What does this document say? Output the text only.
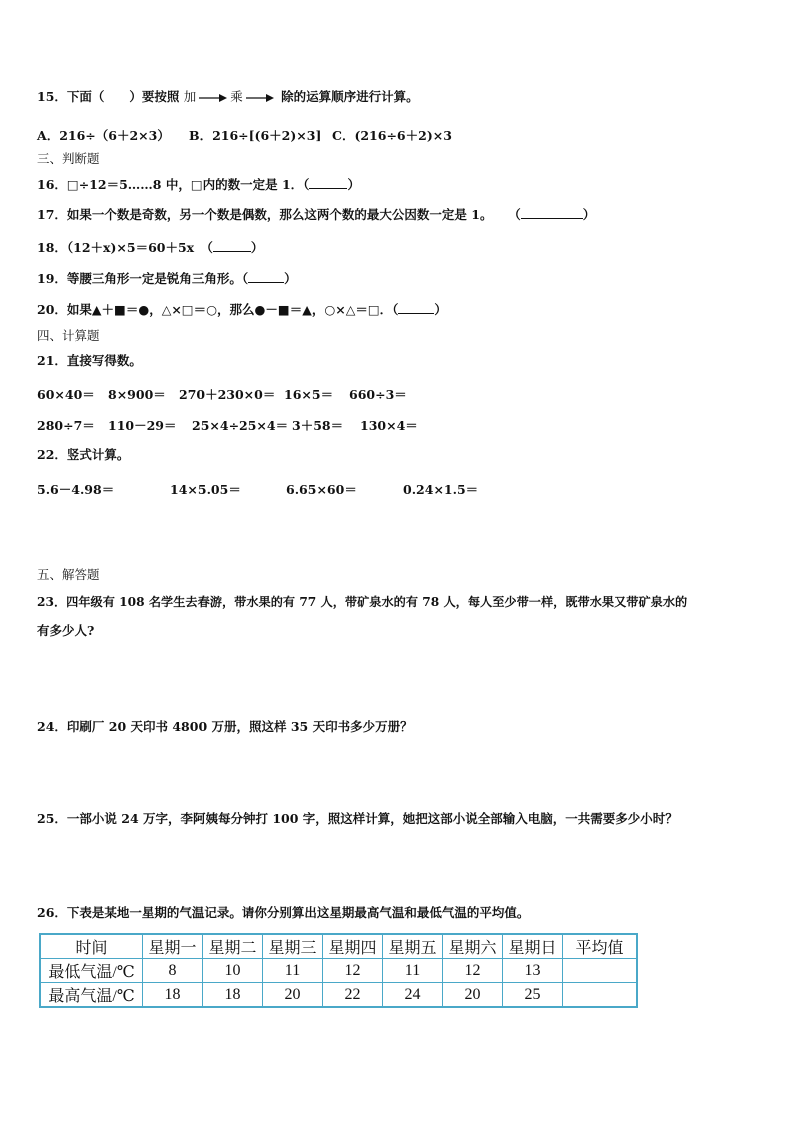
15．下面（　　）要按照 加	乘	除的运算顺序进行计算。
A．216÷（6＋2×3） B．216÷[(6＋2)×3] C．(216÷6＋2)×3
三、判断题
16．□÷12＝5……8 中，□内的数一定是 1．（	）
17．如果一个数是奇数，另一个数是偶数，那么这两个数的最大公因数一定是 1。 （	）
18．（12＋x)×5＝60＋5x　（	）
19．等腰三角形一定是锐角三角形。（	）
20．如果▲＋■＝●，△×□＝○，那么●－■＝▲，○×△＝□．（	）
四、计算题
21．直接写得数。
60×40＝ 8×900＝ 270＋230×0＝ 16×5＝ 660÷3＝
280÷7＝ 110－29＝ 25×4÷25×4＝ 3＋58＝ 130×4＝
22．竖式计算。
5.6－4.98＝	14×5.05＝	6.65×60＝	0.24×1.5＝
五、解答题
23．四年级有 108 名学生去春游，带水果的有 77 人，带矿泉水的有 78 人，每人至少带一样，既带水果又带矿泉水的
有多少人?
24．印刷厂 20 天印书 4800 万册，照这样 35 天印书多少万册？
25．一部小说 24 万字，李阿姨每分钟打 100 字，照这样计算，她把这部小说全部输入电脑，一共需要多少小时？
26．下表是某地一星期的气温记录。请你分别算出这星期最高气温和最低气温的平均值。
时间	星期一	星期二	星期三	星期四	星期五	星期六	星期日	平均值
最低气温/℃	8	10	11	12	11	12	13	
最高气温/℃	18	18	20	22	24	20	25	
